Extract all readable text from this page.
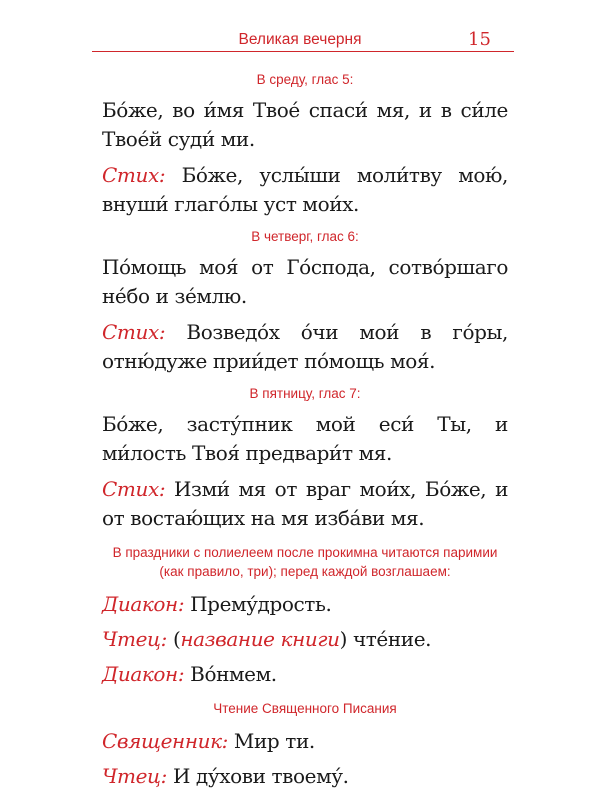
Великая вечерня	15
В среду, глас 5:
Бо́же, во и́мя Твое́ спаси́ мя, и в си́ле Твое́й суди́ ми.
Стих: Бо́же, услы́ши моли́тву мою́, внуши́ глаго́лы уст мои́х.
В четверг, глас 6:
По́мощь моя́ от Го́спода, сотво́ршаго не́бо и зе́млю.
Стих: Возведо́х о́чи мои́ в го́ры, отню́дуже прии́дет по́мощь моя́.
В пятницу, глас 7:
Бо́же, засту́пник мой еси́ Ты, и ми́лость Твоя́ предвари́т мя.
Стих: Изми́ мя от враг мои́х, Бо́же, и от востаю́щих на мя изба́ви мя.
В праздники с полиелеем после прокимна читаются паримии (как правило, три); перед каждой возглашаем:
Диакон: Прему́дрость.
Чтец: (название книги) чте́ние.
Диакон: Во́нмем.
Чтение Священного Писания
Священник: Мир ти.
Чтец: И ду́хови твоему́.
